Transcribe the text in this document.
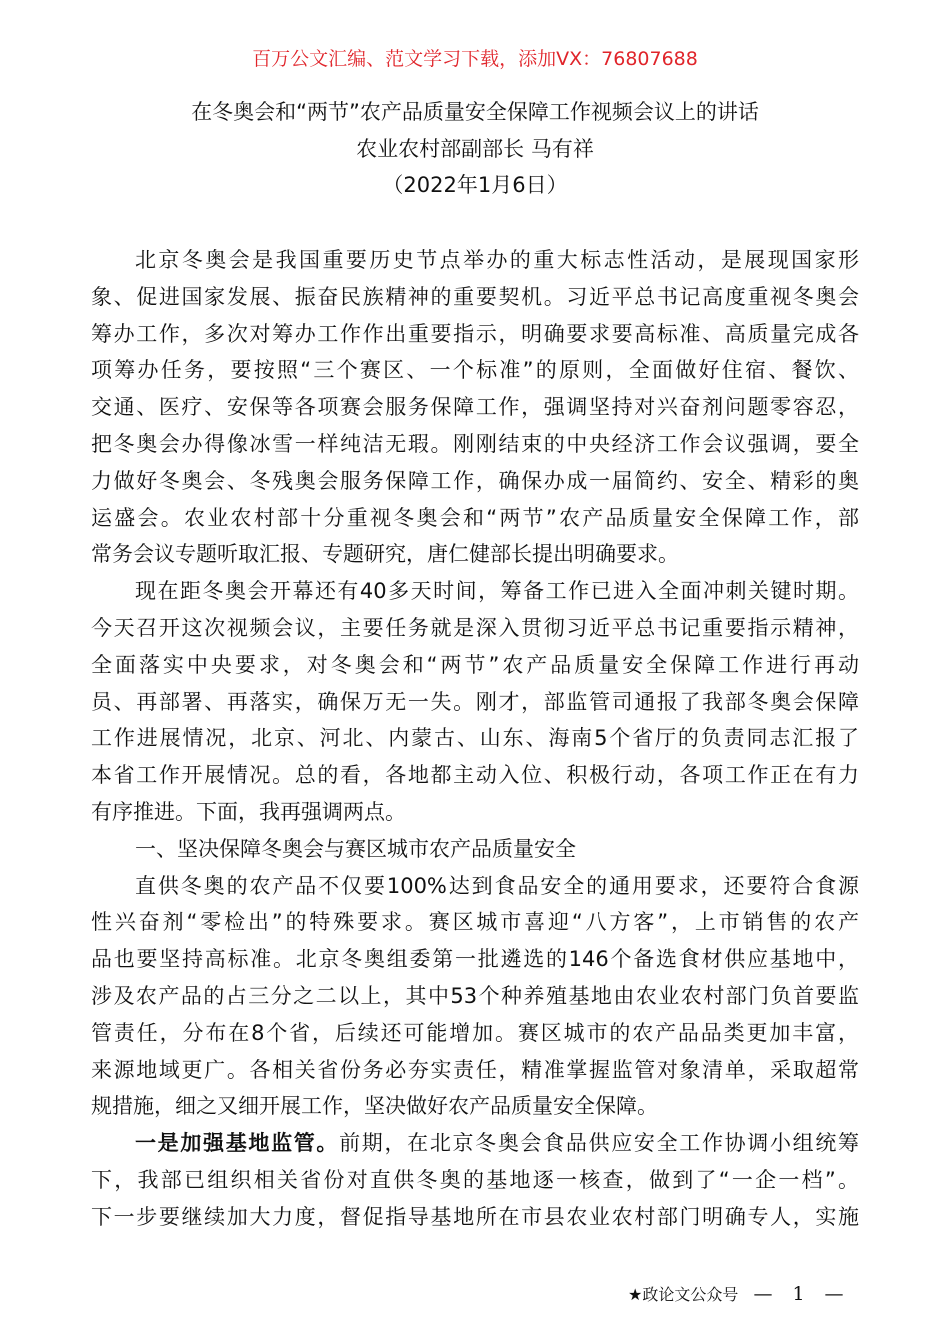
百万公文汇编、范文学习下载，添加VX：76807688
在冬奥会和“两节”农产品质量安全保障工作视频会议上的讲话
农业农村部副部长 马有祥
（2022年1月6日）
北京冬奥会是我国重要历史节点举办的重大标志性活动，是展现国家形
象、促进国家发展、振奋民族精神的重要契机。习近平总书记高度重视冬奥会
筹办工作，多次对筹办工作作出重要指示，明确要求要高标准、高质量完成各
项筹办任务，要按照“三个赛区、一个标准”的原则，全面做好住宿、餐饮、
交通、医疗、安保等各项赛会服务保障工作，强调坚持对兴奋剂问题零容忍，
把冬奥会办得像冰雪一样纯洁无瑕。刚刚结束的中央经济工作会议强调，要全
力做好冬奥会、冬残奥会服务保障工作，确保办成一届简约、安全、精彩的奥
运盛会。农业农村部十分重视冬奥会和“两节”农产品质量安全保障工作，部
常务会议专题听取汇报、专题研究，唐仁健部长提出明确要求。
现在距冬奥会开幕还有40多天时间，筹备工作已进入全面冲刺关键时期。
今天召开这次视频会议，主要任务就是深入贯彻习近平总书记重要指示精神，
全面落实中央要求，对冬奥会和“两节”农产品质量安全保障工作进行再动
员、再部署、再落实，确保万无一失。刚才，部监管司通报了我部冬奥会保障
工作进展情况，北京、河北、内蒙古、山东、海南5个省厅的负责同志汇报了
本省工作开展情况。总的看，各地都主动入位、积极行动，各项工作正在有力
有序推进。下面，我再强调两点。
一、坚决保障冬奥会与赛区城市农产品质量安全
直供冬奥的农产品不仅要100%达到食品安全的通用要求，还要符合食源
性兴奋剂“零检出”的特殊要求。赛区城市喜迎“八方客”，上市销售的农产
品也要坚持高标准。北京冬奥组委第一批遴选的146个备选食材供应基地中，
涉及农产品的占三分之二以上，其中53个种养殖基地由农业农村部门负首要监
管责任，分布在8个省，后续还可能增加。赛区城市的农产品品类更加丰富，
来源地域更广。各相关省份务必夯实责任，精准掌握监管对象清单，采取超常
规措施，细之又细开展工作，坚决做好农产品质量安全保障。
一是加强基地监管。前期，在北京冬奥会食品供应安全工作协调小组统筹
下，我部已组织相关省份对直供冬奥的基地逐一核查，做到了“一企一档”。
下一步要继续加大力度，督促指导基地所在市县农业农村部门明确专人，实施
★政论文公众号 — 1 —
